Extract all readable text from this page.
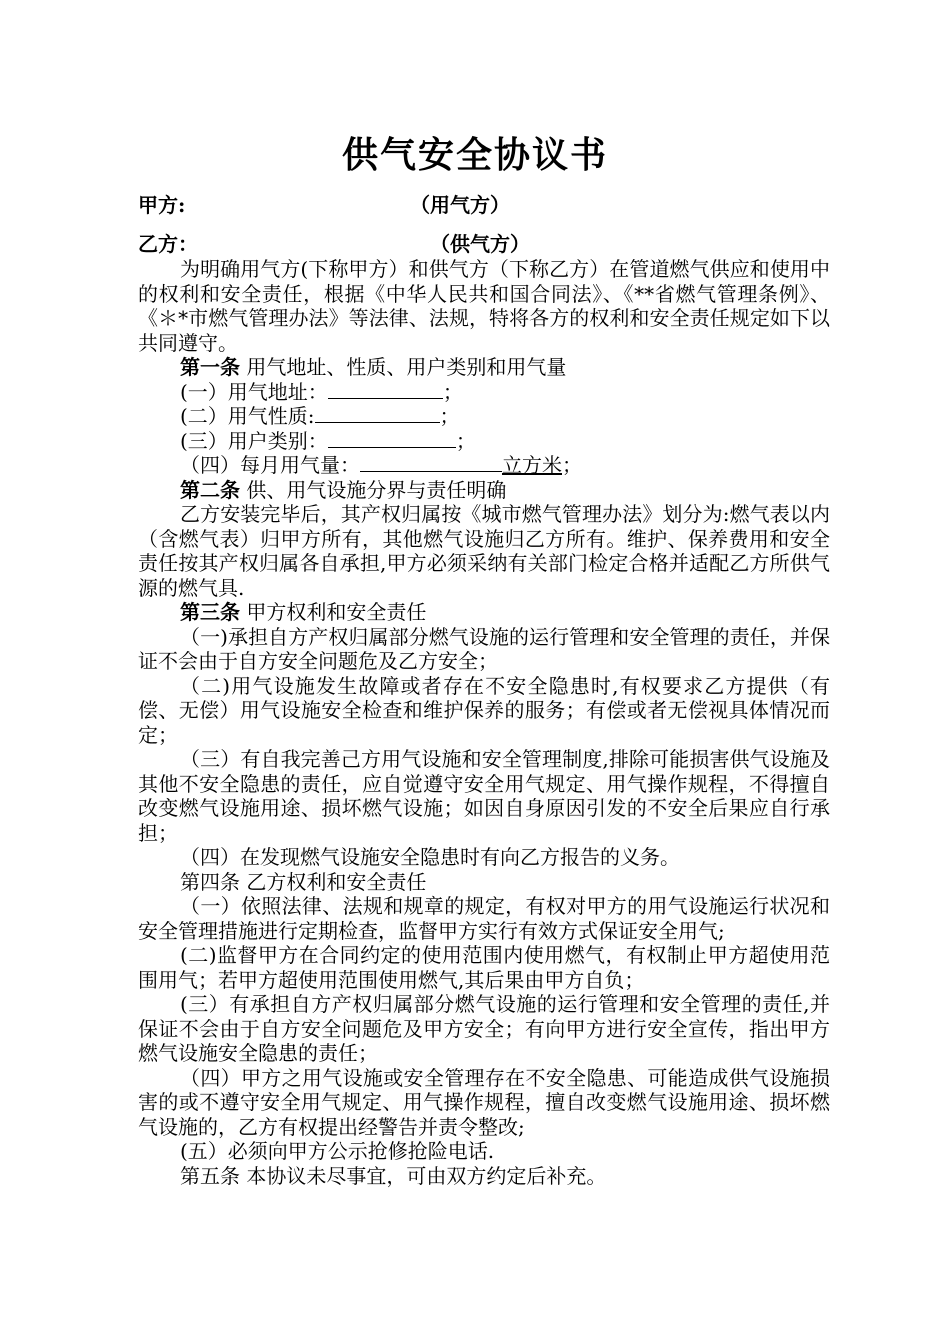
供气安全协议书
甲方:	（用气方）
乙方：	（供气方）

为明确用气方(下称甲方）和供气方（下称乙方）在管道燃气供应和使用中的权利和安全责任，根据《中华人民共和国合同法》、《**省燃气管理条例》、《＊*市燃气管理办法》等法律、法规，特将各方的权利和安全责任规定如下以共同遵守。

第一条 用气地址、性质、用户类别和用气量

(一）用气地址：	；

(二）用气性质:	；

(三）用户类别：	；

（四）每月用气量：	立方米；

第二条 供、用气设施分界与责任明确

乙方安装完毕后，其产权归属按《城市燃气管理办法》划分为:燃气表以内（含燃气表）归甲方所有，其他燃气设施归乙方所有。维护、保养费用和安全责任按其产权归属各自承担,甲方必须采纳有关部门检定合格并适配乙方所供气源的燃气具.

第三条 甲方权利和安全责任

（一)承担自方产权归属部分燃气设施的运行管理和安全管理的责任，并保证不会由于自方安全问题危及乙方安全；

（二)用气设施发生故障或者存在不安全隐患时,有权要求乙方提供（有偿、无偿）用气设施安全检查和维护保养的服务；有偿或者无偿视具体情况而定；

（三）有自我完善己方用气设施和安全管理制度,排除可能损害供气设施及其他不安全隐患的责任，应自觉遵守安全用气规定、用气操作规程，不得擅自改变燃气设施用途、损坏燃气设施；如因自身原因引发的不安全后果应自行承担；

（四）在发现燃气设施安全隐患时有向乙方报告的义务。

第四条 乙方权利和安全责任

（一）依照法律、法规和规章的规定，有权对甲方的用气设施运行状况和安全管理措施进行定期检查，监督甲方实行有效方式保证安全用气;

(二)监督甲方在合同约定的使用范围内使用燃气，有权制止甲方超使用范围用气；若甲方超使用范围使用燃气,其后果由甲方自负；

(三）有承担自方产权归属部分燃气设施的运行管理和安全管理的责任,并保证不会由于自方安全问题危及甲方安全；有向甲方进行安全宣传，指出甲方燃气设施安全隐患的责任；

（四）甲方之用气设施或安全管理存在不安全隐患、可能造成供气设施损害的或不遵守安全用气规定、用气操作规程，擅自改变燃气设施用途、损坏燃气设施的，乙方有权提出经警告并责令整改;

(五）必须向甲方公示抢修抢险电话.

第五条 本协议未尽事宜，可由双方约定后补充。
